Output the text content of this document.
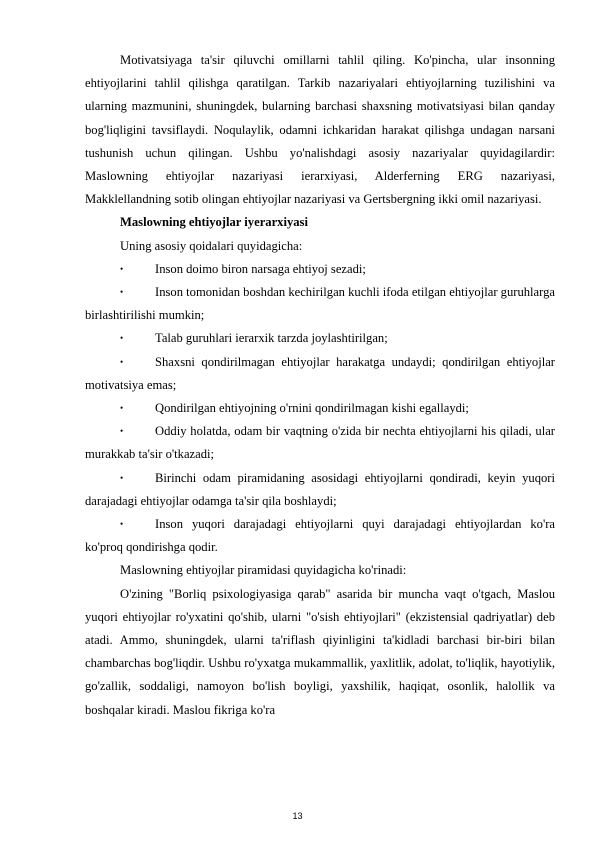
Motivatsiyaga ta'sir qiluvchi omillarni tahlil qiling. Ko'pincha, ular insonning ehtiyojlarini tahlil qilishga qaratilgan. Tarkib nazariyalari ehtiyojlarning tuzilishini va ularning mazmunini, shuningdek, bularning barchasi shaxsning motivatsiyasi bilan qanday bog'liqligini tavsiflaydi. Noqulaylik, odamni ichkaridan harakat qilishga undagan narsani tushunish uchun qilingan. Ushbu yo'nalishdagi asosiy nazariyalar quyidagilardir: Maslowning ehtiyojlar nazariyasi ierarxiyasi, Alderferning ERG nazariyasi, Makklellandning sotib olingan ehtiyojlar nazariyasi va Gertsbergning ikki omil nazariyasi.

Maslowning ehtiyojlar iyerarxiyasi

Uning asosiy qoidalari quyidagicha:

•	Inson doimo biron narsaga ehtiyoj sezadi;

•	Inson tomonidan boshdan kechirilgan kuchli ifoda etilgan ehtiyojlar guruhlarga birlashtirilishi mumkin;

•	Talab guruhlari ierarxik tarzda joylashtirilgan;

•	Shaxsni qondirilmagan ehtiyojlar harakatga undaydi; qondirilgan ehtiyojlar motivatsiya emas;

•	Qondirilgan ehtiyojning o'rnini qondirilmagan kishi egallaydi;

•	Oddiy holatda, odam bir vaqtning o'zida bir nechta ehtiyojlarni his qiladi, ular murakkab ta'sir o'tkazadi;

•	Birinchi odam piramidaning asosidagi ehtiyojlarni qondiradi, keyin yuqori darajadagi ehtiyojlar odamga ta'sir qila boshlaydi;

•	Inson yuqori darajadagi ehtiyojlarni quyi darajadagi ehtiyojlardan ko'ra ko'proq qondirishga qodir.

Maslowning ehtiyojlar piramidasi quyidagicha ko'rinadi:

O'zining "Borliq psixologiyasiga qarab" asarida bir muncha vaqt o'tgach, Maslou yuqori ehtiyojlar ro'yxatini qo'shib, ularni "o'sish ehtiyojlari" (ekzistensial qadriyatlar) deb atadi. Ammo, shuningdek, ularni ta'riflash qiyinligini ta'kidladi barchasi bir-biri bilan chambarchas bog'liqdir. Ushbu ro'yxatga mukammallik, yaxlitlik, adolat, to'liqlik, hayotiylik, go'zallik, soddaligi, namoyon bo'lish boyligi, yaxshilik, haqiqat, osonlik, halollik va boshqalar kiradi. Maslou fikriga ko'ra

13
